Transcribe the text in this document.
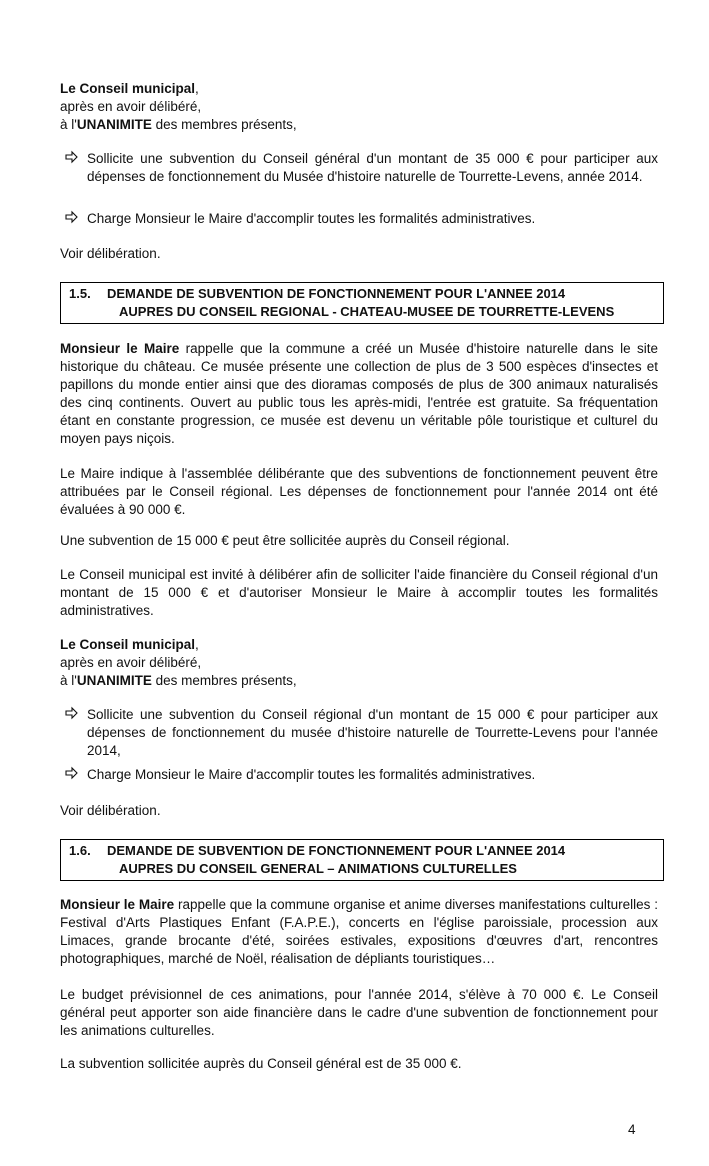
Le Conseil municipal,
après en avoir délibéré,
à l'UNANIMITE des membres présents,
Sollicite une subvention du Conseil général d'un montant de 35 000 € pour participer aux dépenses de fonctionnement du Musée d'histoire naturelle de Tourrette-Levens, année 2014.
Charge Monsieur le Maire d'accomplir toutes les formalités administratives.
Voir délibération.
1.5. DEMANDE DE SUBVENTION DE FONCTIONNEMENT POUR L'ANNEE 2014
AUPRES DU CONSEIL REGIONAL - CHATEAU-MUSEE DE TOURRETTE-LEVENS

Monsieur le Maire rappelle que la commune a créé un Musée d'histoire naturelle dans le site historique du château. Ce musée présente une collection de plus de 3 500 espèces d'insectes et papillons du monde entier ainsi que des dioramas composés de plus de 300 animaux naturalisés des cinq continents. Ouvert au public tous les après-midi, l'entrée est gratuite. Sa fréquentation étant en constante progression, ce musée est devenu un véritable pôle touristique et culturel du moyen pays niçois.

Le Maire indique à l'assemblée délibérante que des subventions de fonctionnement peuvent être attribuées par le Conseil régional. Les dépenses de fonctionnement pour l'année 2014 ont été évaluées à 90 000 €.

Une subvention de 15 000 € peut être sollicitée auprès du Conseil régional.

Le Conseil municipal est invité à délibérer afin de solliciter l'aide financière du Conseil régional d'un montant de 15 000 € et d'autoriser Monsieur le Maire à accomplir toutes les formalités administratives.

Le Conseil municipal,
après en avoir délibéré,
à l'UNANIMITE des membres présents,
Sollicite une subvention du Conseil régional d'un montant de 15 000 € pour participer aux dépenses de fonctionnement du musée d'histoire naturelle de Tourrette-Levens pour l'année 2014,
Charge Monsieur le Maire d'accomplir toutes les formalités administratives.
Voir délibération.
1.6. DEMANDE DE SUBVENTION DE FONCTIONNEMENT POUR L'ANNEE 2014
AUPRES DU CONSEIL GENERAL – ANIMATIONS CULTURELLES

Monsieur le Maire rappelle que la commune organise et anime diverses manifestations culturelles : Festival d'Arts Plastiques Enfant (F.A.P.E.), concerts en l'église paroissiale, procession aux Limaces, grande brocante d'été, soirées estivales, expositions d'œuvres d'art, rencontres photographiques, marché de Noël, réalisation de dépliants touristiques…

Le budget prévisionnel de ces animations, pour l'année 2014, s'élève à 70 000 €. Le Conseil général peut apporter son aide financière dans le cadre d'une subvention de fonctionnement pour les animations culturelles.

La subvention sollicitée auprès du Conseil général est de 35 000 €.

4
